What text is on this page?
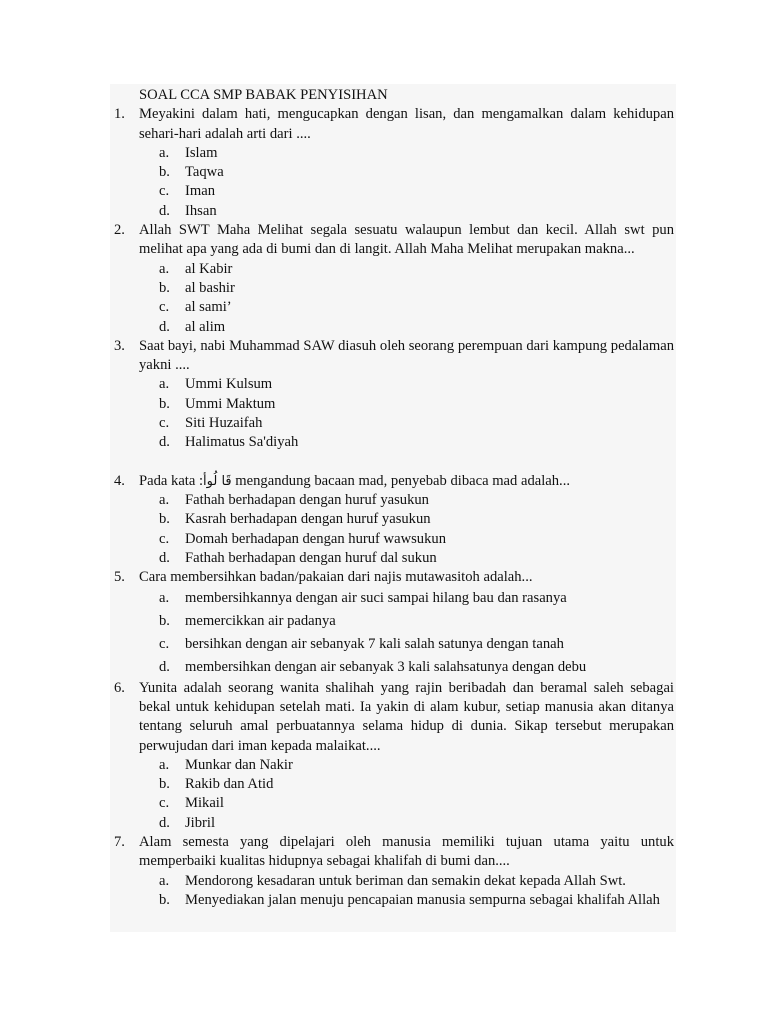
SOAL CCA SMP BABAK PENYISIHAN

1. Meyakini dalam hati, mengucapkan dengan lisan, dan mengamalkan dalam kehidupan sehari-hari adalah arti dari ....
a. Islam
b. Taqwa
c. Iman
d. Ihsan
2. Allah SWT Maha Melihat segala sesuatu walaupun lembut dan kecil. Allah swt pun melihat apa yang ada di bumi dan di langit. Allah Maha Melihat merupakan makna...
a. al Kabir
b. al bashir
c. al sami’
d. al alim
3. Saat bayi, nabi Muhammad SAW diasuh oleh seorang perempuan dari kampung pedalaman yakni ....
a. Ummi Kulsum
b. Ummi Maktum
c. Siti Huzaifah
d. Halimatus Sa'diyah
4. Pada kata :قَا لُوأ mengandung bacaan mad, penyebab dibaca mad adalah...
a. Fathah berhadapan dengan huruf yasukun
b. Kasrah berhadapan dengan huruf yasukun
c. Domah berhadapan dengan huruf wawsukun
d. Fathah berhadapan dengan huruf dal sukun
5. Cara membersihkan badan/pakaian dari najis mutawasitoh adalah...
a. membersihkannya dengan air suci sampai hilang bau dan rasanya
b. memercikkan air padanya
c. bersihkan dengan air sebanyak 7 kali salah satunya dengan tanah
d. membersihkan dengan air sebanyak 3 kali salahsatunya dengan debu
6. Yunita adalah seorang wanita shalihah yang rajin beribadah dan beramal saleh sebagai bekal untuk kehidupan setelah mati. Ia yakin di alam kubur, setiap manusia akan ditanya tentang seluruh amal perbuatannya selama hidup di dunia. Sikap tersebut merupakan perwujudan dari iman kepada malaikat....
a. Munkar dan Nakir
b. Rakib dan Atid
c. Mikail
d. Jibril
7. Alam semesta yang dipelajari oleh manusia memiliki tujuan utama yaitu untuk memperbaiki kualitas hidupnya sebagai khalifah di bumi dan....
a. Mendorong kesadaran untuk beriman dan semakin dekat kepada Allah Swt.
b. Menyediakan jalan menuju pencapaian manusia sempurna sebagai khalifah Allah
